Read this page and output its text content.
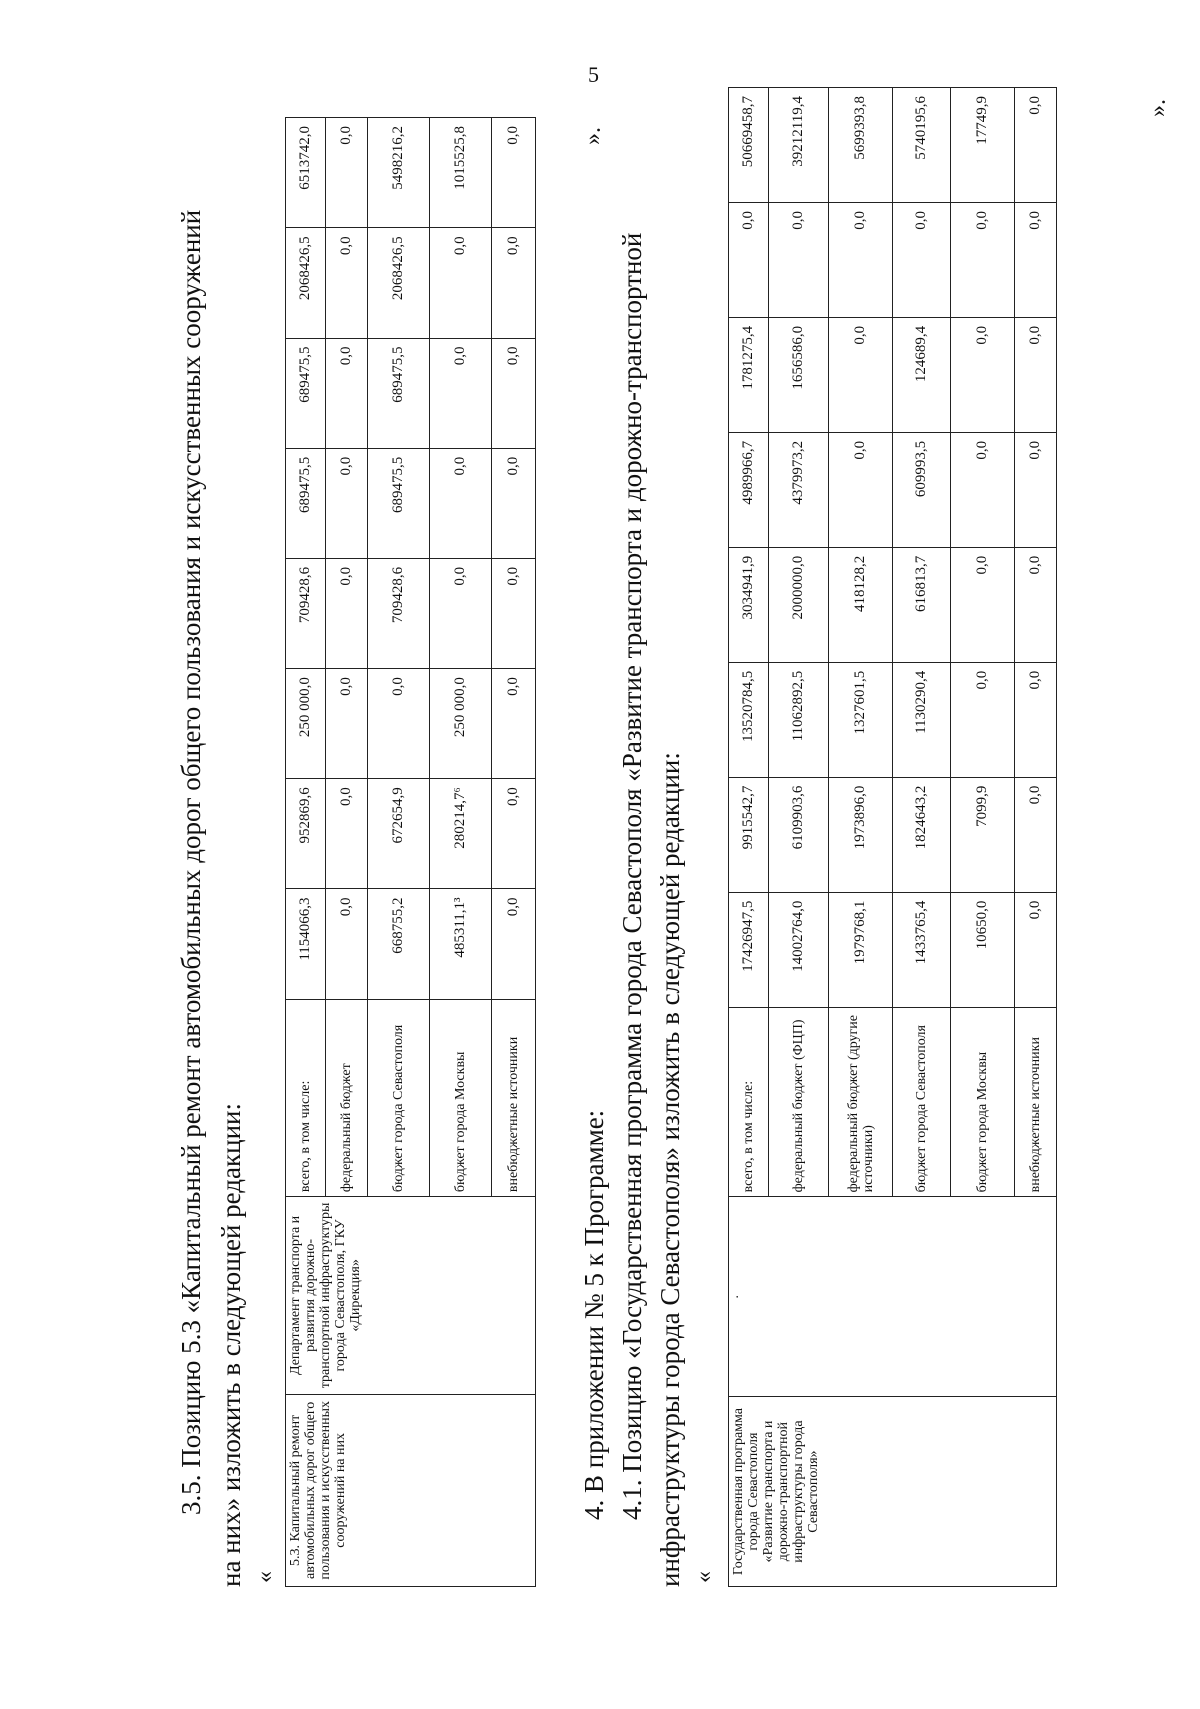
5
3.5. Позицию 5.3 «Капитальный ремонт автомобильных дорог общего пользования и искусственных сооружений на них» изложить в следующей редакции: «
5.3. Капитальный ремонт автомобильных дорог общего пользования и искусственных сооружений на них	Департамент транспорта и развития дорожно-транспортной инфраструктуры города Севастополя, ГКУ «Дирекция»	всего, в том числе:	1154066,3	952869,6	250 000,0	709428,6	689475,5	689475,5	2068426,5	6513742,0
		федеральный бюджет	0,0	0,0	0,0	0,0	0,0	0,0	0,0	0,0
		бюджет города Севастополя	668755,2	672654,9	0,0	709428,6	689475,5	689475,5	2068426,5	5498216,2
		бюджет города Москвы	485311,1³	280214,7⁶	250 000,0	0,0	0,0	0,0	0,0	1015525,8
		внебюджетные источники	0,0	0,0	0,0	0,0	0,0	0,0	0,0	0,0 ».
4. В приложении № 5 к Программе: 4.1. Позицию «Государственная программа города Севастополя «Развитие транспорта и дорожно-транспортной инфраструктуры города Севастополя» изложить в следующей редакции: «
Государственная программа города Севастополя «Развитие транспорта и дорожно-транспортной инфраструктуры города Севастополя»	·	всего, в том числе:	17426947,5	9915542,7	13520784,5	3034941,9	4989966,7	1781275,4	0,0	50669458,7
		федеральный бюджет (ФЦП)	14002764,0	6109903,6	11062892,5	2000000,0	4379973,2	1656586,0	0,0	39212119,4
		федеральный бюджет (другие источники)	1979768,1	1973896,0	1327601,5	418128,2	0,0	0,0	0,0	5699393,8
		бюджет города Севастополя	1433765,4	1824643,2	1130290,4	616813,7	609993,5	124689,4	0,0	5740195,6
		бюджет города Москвы	10650,0	7099,9	0,0	0,0	0,0	0,0	0,0	17749,9
		внебюджетные источники	0,0	0,0	0,0	0,0	0,0	0,0	0,0	0,0	».
